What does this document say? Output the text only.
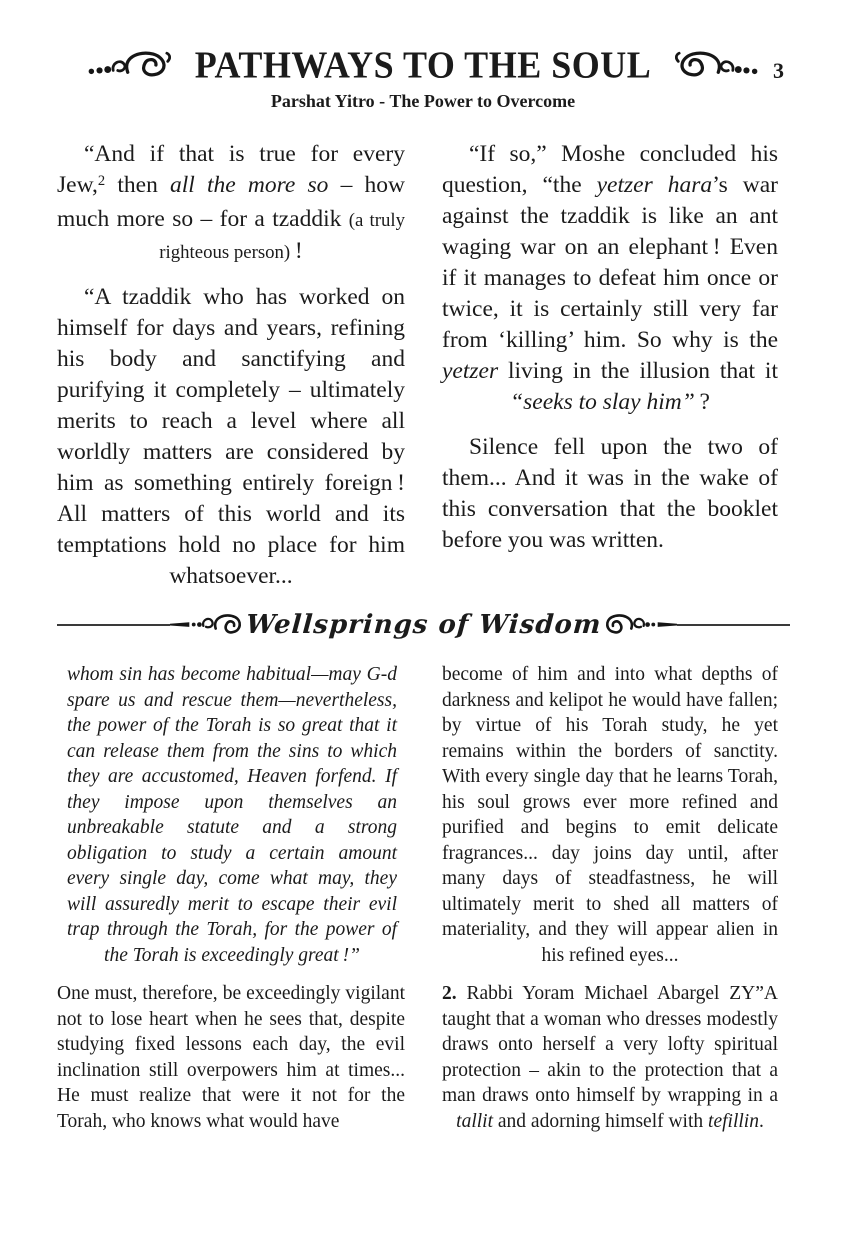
PATHWAYS TO THE SOUL	3
Parshat Yitro - The Power to Overcome

“And if that is true for every Jew,$^2$ then all the more so – how much more so – for a tzaddik (a truly righteous person) !

“A tzaddik who has worked on himself for days and years, refining his body and sanctifying and purifying it completely – ultimately merits to reach a level where all worldly matters are considered by him as something entirely foreign ! All matters of this world and its temptations hold no place for him whatsoever...

“If so,” Moshe concluded his question, “the yetzer hara’s war against the tzaddik is like an ant waging war on an elephant ! Even if it manages to defeat him once or twice, it is certainly still very far from ‘killing’ him. So why is the yetzer living in the illusion that it “seeks to slay him” ?

Silence fell upon the two of them... And it was in the wake of this conversation that the booklet before you was written.

Wellsprings of Wisdom

whom sin has become habitual—may G-d spare us and rescue them—nevertheless, the power of the Torah is so great that it can release them from the sins to which they are accustomed, Heaven forfend. If they impose upon themselves an unbreakable statute and a strong obligation to study a certain amount every single day, come what may, they will assuredly merit to escape their evil trap through the Torah, for the power of the Torah is exceedingly great !”

One must, therefore, be exceedingly vigilant not to lose heart when he sees that, despite studying fixed lessons each day, the evil inclination still overpowers him at times... He must realize that were it not for the Torah, who knows what would have

become of him and into what depths of darkness and kelipot he would have fallen; by virtue of his Torah study, he yet remains within the borders of sanctity. With every single day that he learns Torah, his soul grows ever more refined and purified and begins to emit delicate fragrances... day joins day until, after many days of steadfastness, he will ultimately merit to shed all matters of materiality, and they will appear alien in his refined eyes...

2. Rabbi Yoram Michael Abargel ZY”A taught that a woman who dresses modestly draws onto herself a very lofty spiritual protection – akin to the protection that a man draws onto himself by wrapping in a tallit and adorning himself with tefillin.
